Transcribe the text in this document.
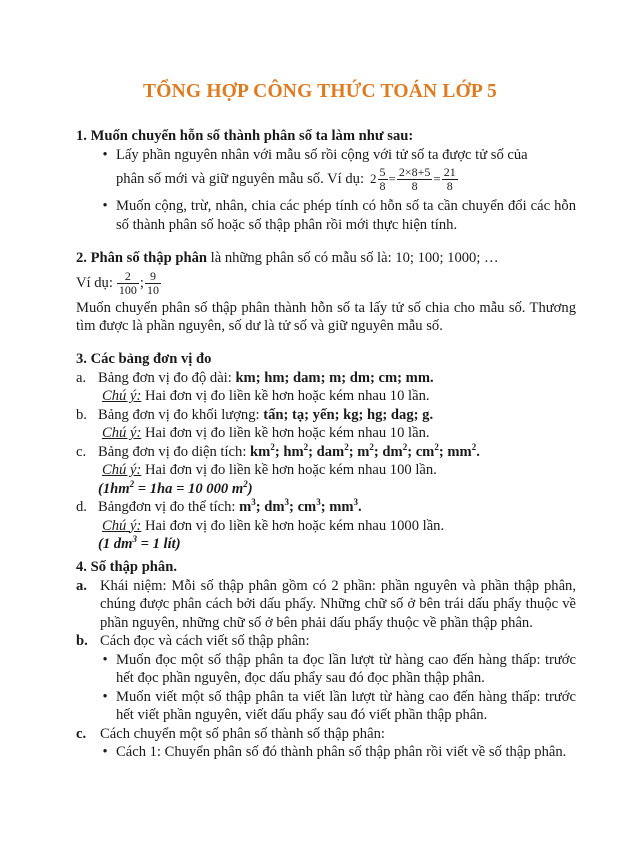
TỔNG HỢP CÔNG THỨC TOÁN LỚP 5
1. Muốn chuyển hỗn số thành phân số ta làm như sau:
• Lấy phần nguyên nhân với mẫu số rồi cộng với tử số ta được tử số của
phân số mới và giữ nguyên mẫu số. Ví dụ: $2 \frac{5}{8} = \frac{2\times 8+5}{8} = \frac{21}{8}$
• Muốn cộng, trừ, nhân, chia các phép tính có hỗn số ta cần chuyển đổi các hỗn số thành phân số hoặc số thập phân rồi mới thực hiện tính.
2. Phân số thập phân là những phân số có mẫu số là: 10; 100; 1000; …
Ví dụ: $\frac{2}{100}$ ; $\frac{9}{10}$
Muốn chuyển phân số thập phân thành hỗn số ta lấy tử số chia cho mẫu số. Thương tìm được là phần nguyên, số dư là tử số và giữ nguyên mẫu số.
3. Các bảng đơn vị đo
a. Bảng đơn vị đo độ dài: km; hm; dam; m; dm; cm; mm.
Chú ý: Hai đơn vị đo liền kề hơn hoặc kém nhau 10 lần.
b. Bảng đơn vị đo khối lượng: tấn; tạ; yến; kg; hg; dag; g.
Chú ý: Hai đơn vị đo liền kề hơn hoặc kém nhau 10 lần.
c. Bảng đơn vị đo diện tích: $km^2$; $hm^2$; dam$^2$; $m^2$; $dm^2$; $cm^2$; $mm^2$.
Chú ý: Hai đơn vị đo liền kề hơn hoặc kém nhau 100 lần.
($1hm^2 = 1ha = 10$ 000 $m^2$)
d. Bảngđơn vị đo thể tích: $m^3$; $dm^3$; $cm^3$; $mm^3$.
Chú ý: Hai đơn vị đo liền kề hơn hoặc kém nhau 1000 lần.
(1 $dm^3 = 1$ lít)
4. Số thập phân.
a. Khái niệm: Mỗi số thập phân gồm có 2 phần: phần nguyên và phần thập phân, chúng được phân cách bởi dấu phẩy. Những chữ số ở bên trái dấu phẩy thuộc về phần nguyên, những chữ số ở bên phải dấu phẩy thuộc về phần thập phân.
b. Cách đọc và cách viết số thập phân:
• Muốn đọc một số thập phân ta đọc lần lượt từ hàng cao đến hàng thấp: trước hết đọc phần nguyên, đọc dấu phẩy sau đó đọc phần thập phân.
• Muốn viết một số thập phân ta viết lần lượt từ hàng cao đến hàng thấp: trước hết viết phần nguyên, viết dấu phẩy sau đó viết phần thập phân.
c. Cách chuyển một số phân số thành số thập phân:
• Cách 1: Chuyển phân số đó thành phân số thập phân rồi viết về số thập phân.
